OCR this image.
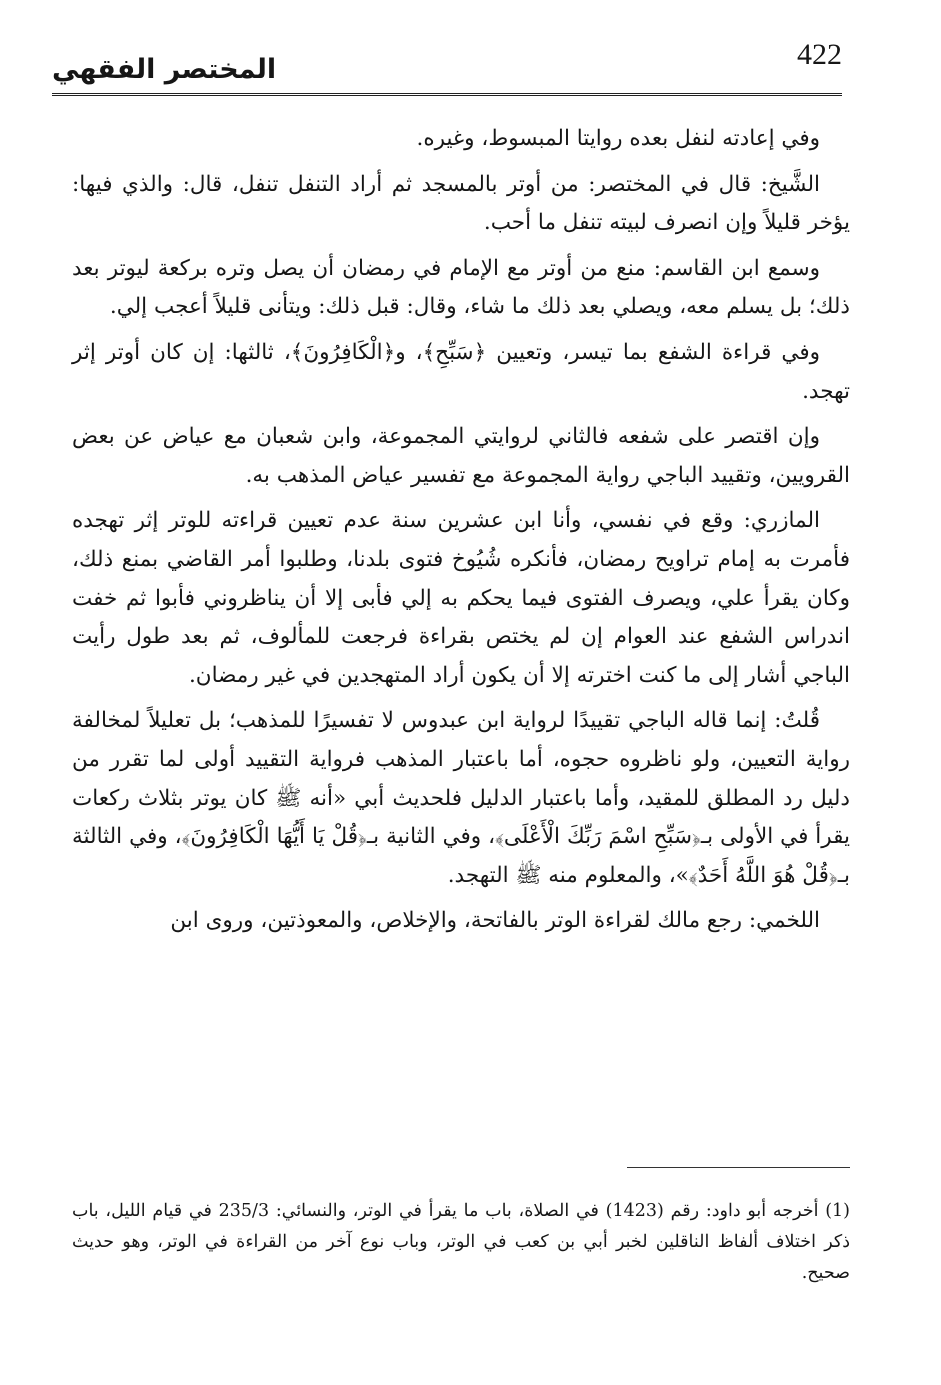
422
المختصر الفقهي

وفي إعادته لنفل بعده روايتا المبسوط، وغيره.

الشَّيخ: قال في المختصر: من أوتر بالمسجد ثم أراد التنفل تنفل، قال: والذي فيها: يؤخر قليلاً وإن انصرف لبيته تنفل ما أحب.

وسمع ابن القاسم: منع من أوتر مع الإمام في رمضان أن يصل وتره بركعة ليوتر بعد ذلك؛ بل يسلم معه، ويصلي بعد ذلك ما شاء، وقال: قبل ذلك: ويتأنى قليلاً أعجب إلي.

وفي قراءة الشفع بما تيسر، وتعيين ﴿سَبِّحِ﴾، و﴿الْكَافِرُونَ﴾، ثالثها: إن كان أوتر إثر تهجد.

وإن اقتصر على شفعه فالثاني لروايتي المجموعة، وابن شعبان مع عياض عن بعض القرويين، وتقييد الباجي رواية المجموعة مع تفسير عياض المذهب به.

المازري: وقع في نفسي، وأنا ابن عشرين سنة عدم تعيين قراءته للوتر إثر تهجده فأمرت به إمام تراويح رمضان، فأنكره شُيُوخ فتوى بلدنا، وطلبوا أمر القاضي بمنع ذلك، وكان يقرأ علي، ويصرف الفتوى فيما يحكم به إلي فأبى إلا أن يناظروني فأبوا ثم خفت اندراس الشفع عند العوام إن لم يختص بقراءة فرجعت للمألوف، ثم بعد طول رأيت الباجي أشار إلى ما كنت اخترته إلا أن يكون أراد المتهجدين في غير رمضان.

قُلتُ: إنما قاله الباجي تقييدًا لرواية ابن عبدوس لا تفسيرًا للمذهب؛ بل تعليلاً لمخالفة رواية التعيين، ولو ناظروه حجوه، أما باعتبار المذهب فرواية التقييد أولى لما تقرر من دليل رد المطلق للمقيد، وأما باعتبار الدليل فلحديث أبي «أنه ﷺ كان يوتر بثلاث ركعات يقرأ في الأولى بـ﴿سَبِّحِ اسْمَ رَبِّكَ الْأَعْلَى﴾، وفي الثانية بـ﴿قُلْ يَا أَيُّهَا الْكَافِرُونَ﴾، وفي الثالثة بـ﴿قُلْ هُوَ اللَّهُ أَحَدٌ﴾»، والمعلوم منه ﷺ التهجد.

اللخمي: رجع مالك لقراءة الوتر بالفاتحة، والإخلاص، والمعوذتين، وروى ابن

(1) أخرجه أبو داود: رقم (1423) في الصلاة، باب ما يقرأ في الوتر، والنسائي: 235/3 في قيام الليل، باب ذكر اختلاف ألفاظ الناقلين لخبر أبي بن كعب في الوتر، وباب نوع آخر من القراءة في الوتر، وهو حديث صحيح.
